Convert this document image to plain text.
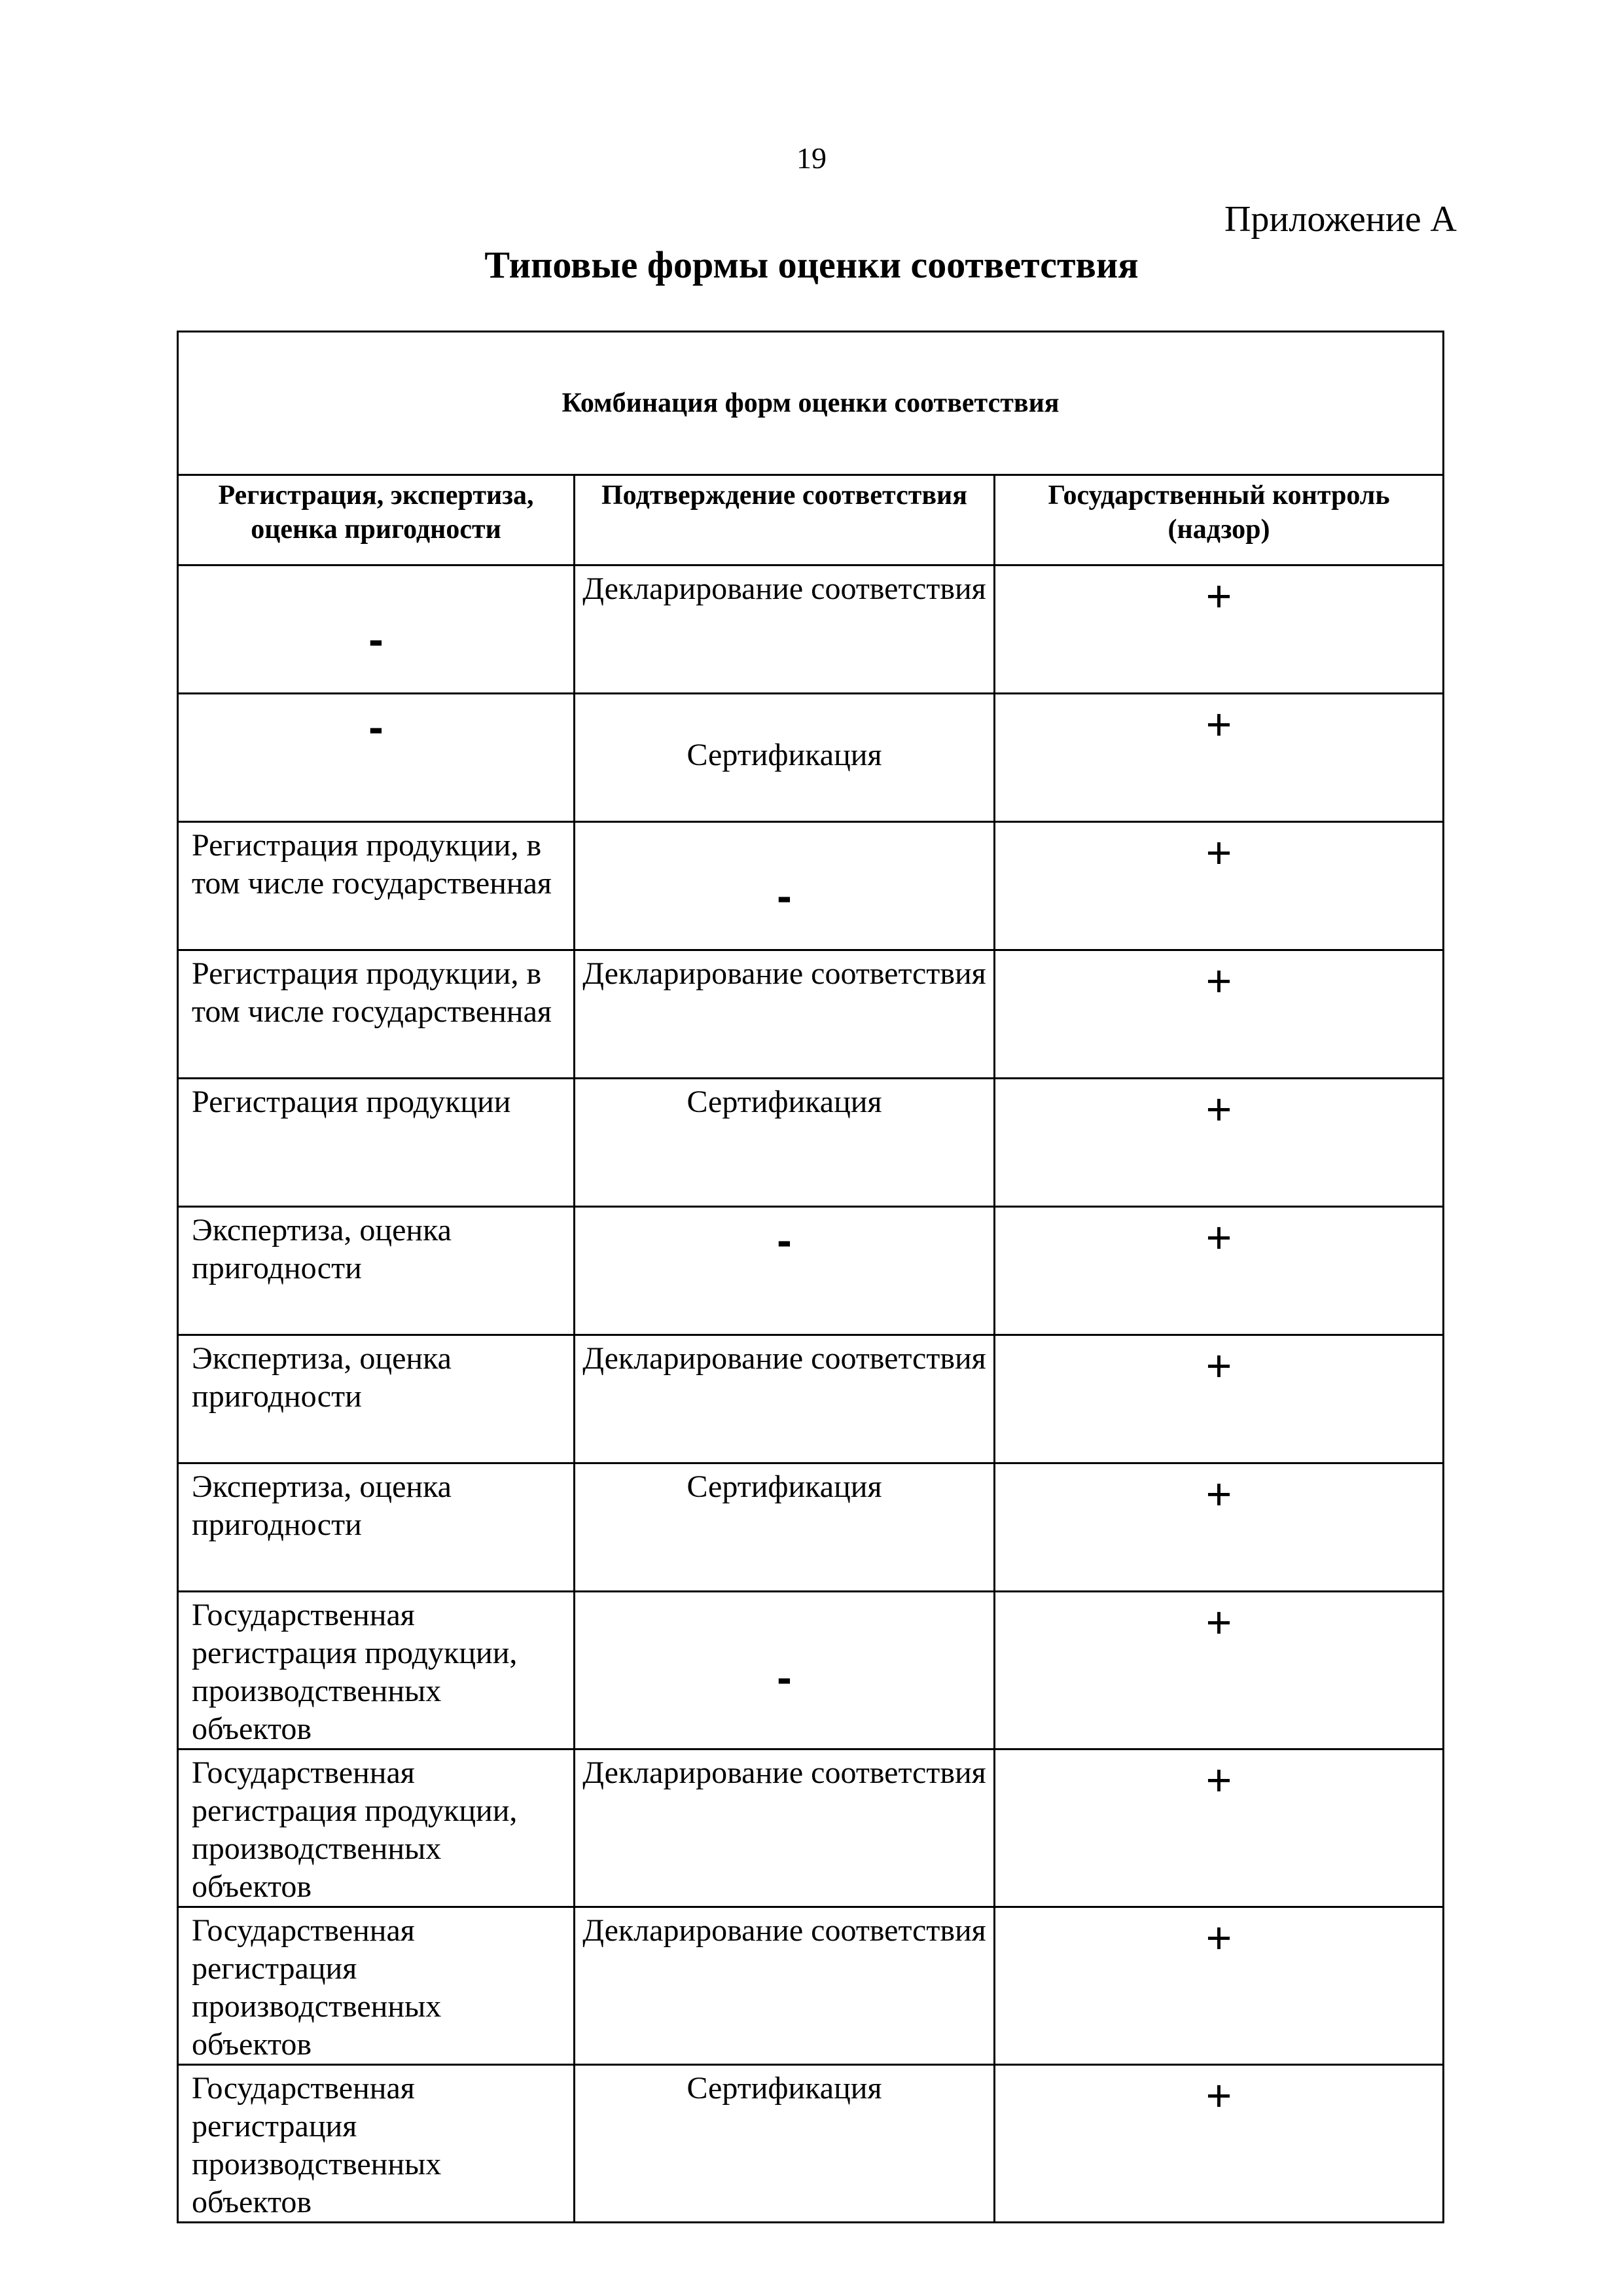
19
Приложение А
Типовые формы оценки соответствия
Комбинация форм оценки соответствия		
Регистрация, экспертиза, оценка пригодности	Подтверждение соответствия	Государственный контроль (надзор)

-	Декларирование соответствия	+

-	Сертификация	+

Регистрация продукции, в том числе государственная	-	+

Регистрация продукции, в том числе государственная	Декларирование соответствия	+

Регистрация продукции	Сертификация	+

Экспертиза, оценка пригодности	-	+

Экспертиза, оценка пригодности	Декларирование соответствия	+

Экспертиза, оценка пригодности	Сертификация	+

Государственная регистрация продукции, производственных объектов	-	+

Государственная регистрация продукции, производственных объектов	Декларирование соответствия	+

Государственная регистрация производственных объектов	Декларирование соответствия	+

Государственная регистрация производственных объектов	Сертификация	+
